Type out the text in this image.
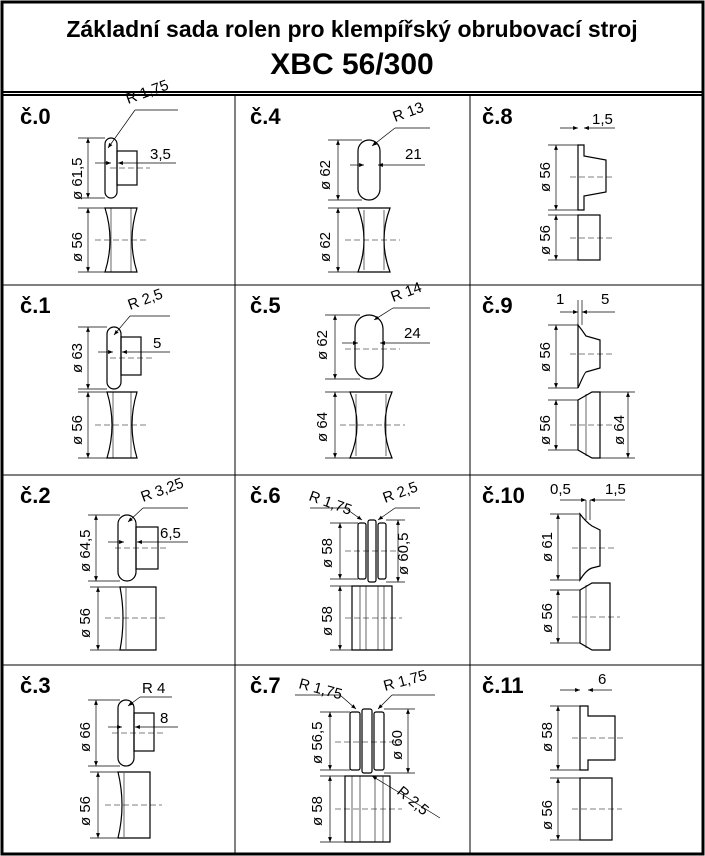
Základní sada rolen pro klempířský obrubovací stroj
XBC 56/300
č.0
R 1,75
3,5
ø 61,5
ø 56
č.4	R 13
21
ø 62
ø 62
č.8	1,5
ø 56
ø 56
č.1	R 2,5
5
ø 63
ø 56
č.5	R 14
24
ø 62
ø 64
č.9	1 5
ø 56
ø 56	ø 64
č.2	R 3,25
6,5
ø 64,5
ø 56
č.6 R 1,75 R 2,5
ø 58	ø 60,5
ø 58
č.10 0,5 1,5
ø 61
ø 56
č.3	R 4
8
ø 66
ø 56
č.7 R 1,75	R 1,75
ø 56,5	ø 60
ø 58	R 2,5
č.11	6
ø 58
ø 56
